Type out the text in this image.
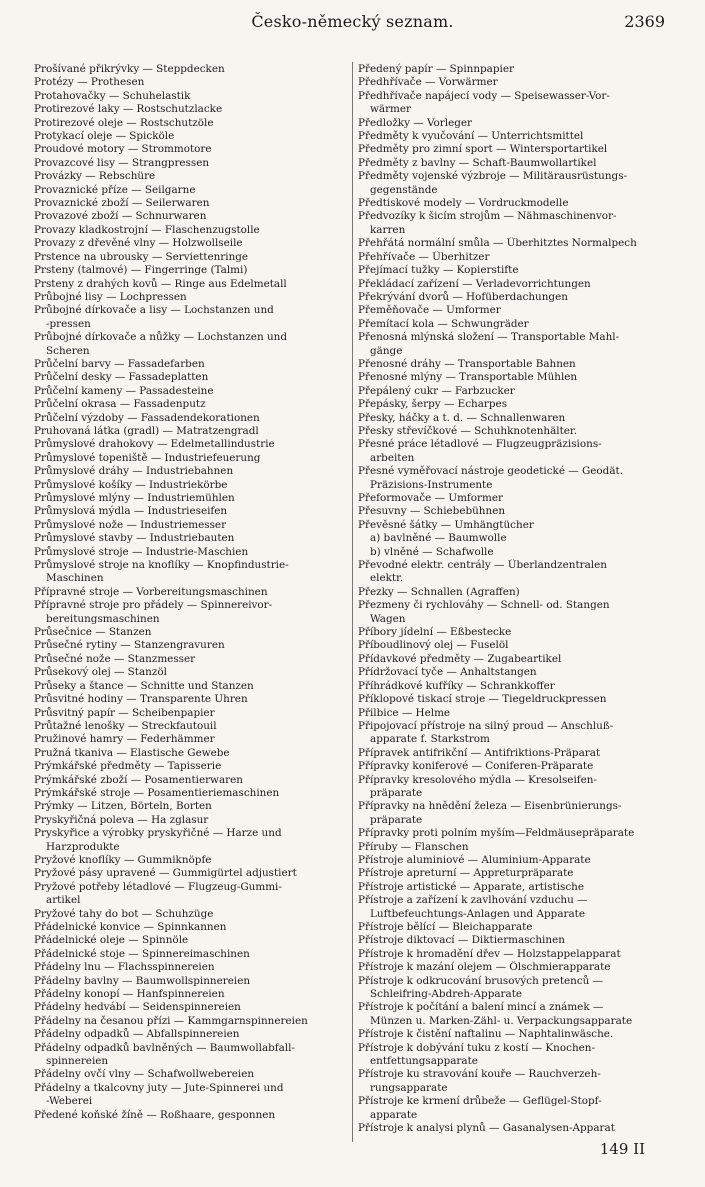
Česko-německý seznam.	2369
Prošívané přikrývky — Steppdecken
Protézy — Prothesen
Protahovačky — Schuhelastik
Protirezové laky — Rostschutzlacke
Protirezové oleje — Rostschutzöle
Protykací oleje — Spicköle
Proudové motory — Strommotore
Provazcové lisy — Strangpressen
Provázky — Rebschüre
Provaznické příze — Seilgarne
Provaznické zboží — Seilerwaren
Provazové zboží — Schnurwaren
Provazy kladkostrojní — Flaschenzugstolle
Provazy z dřevěné vlny — Holzwollseile
Prstence na ubrousky — Serviettenringe
Prsteny (talmové) — Fingerringe (Talmi)
Prsteny z drahých kovů — Ringe aus Edelmetall
Průbojné lisy — Lochpressen
Průbojné dírkovače a lisy — Lochstanzen und
-pressen
Průbojné dírkovače a nůžky — Lochstanzen und
Scheren
Průčelní barvy — Fassadefarben
Průčelní desky — Fassadeplatten
Průčelní kameny — Passadesteine
Průčelní okrasa — Fassadenputz
Průčelní výzdoby — Fassadendekorationen
Pruhovaná látka (gradl) — Matratzengradl
Průmyslové drahokovy — Edelmetallindustrie
Průmyslové topeniště — Industriefeuerung
Průmyslové dráhy — Industriebahnen
Průmyslové košíky — Industriekörbe
Průmyslové mlýny — Industriemühlen
Průmyslová mýdla — Industrieseifen
Průmyslové nože — Industriemesser
Průmyslové stavby — Industriebauten
Průmyslové stroje — Industrie-Maschien
Průmyslové stroje na knoflíky — Knopfindustrie-
Maschinen
Přípravné stroje — Vorbereitungsmaschinen
Přípravné stroje pro přádely — Spinnereivor-
bereitungsmaschinen
Průsečnice — Stanzen
Průsečné rytiny — Stanzengravuren
Průsečné nože — Stanzmesser
Průsekový olej — Stanzöl
Průseky a štance — Schnitte und Stanzen
Průsvitné hodiny — Transparente Uhren
Průsvitný papír — Scheibenpapier
Průtažné lenošky — Streckfautouil
Pružinové hamry — Federhämmer
Pružná tkaniva — Elastische Gewebe
Prýmkářské předměty — Tapisserie
Prýmkářské zboží — Posamentierwaren
Prýmkářské stroje — Posamentieriemaschinen
Prýmky — Litzen, Börteln, Borten
Pryskyřičná poleva — Ha zglasur
Pryskyřice a výrobky pryskyřičné — Harze und
Harzprodukte
Pryžové knoflíky — Gummiknöpfe
Pryžové pásy upravené — Gummigürtel adjustiert
Pryžové potřeby létadlové — Flugzeug-Gummi-
artikel
Pryžové tahy do bot — Schuhzüge
Přádelnické konvice — Spinnkannen
Přádelnické oleje — Spinnöle
Přádelnické stoje — Spinnereimaschinen
Přádelny lnu — Flachsspinnereien
Přádelny bavlny — Baumwollspinnereien
Přádelny konopí — Hanfspinnereien
Přádelny hedvábí — Seidenspinnereien
Přádelny na česanou přízi — Kammgarnspinnereien
Přádelny odpadků — Abfallspinnereien
Přádelny odpadků bavlněných — Baumwollabfall-
spinnereien
Přádelny ovčí vlny — Schafwollwebereien
Přádelny a tkalcovny juty — Jute-Spinnerei und
-Weberei
Předené koňské žíně — Roßhaare, gesponnen
Předený papír — Spinnpapier
Předhřívače — Vorwärmer
Předhřívače napájecí vody — Speisewasser-Vor-
wärmer
Předložky — Vorleger
Předměty k vyučování — Unterrichtsmittel
Předměty pro zimní sport — Wintersportartikel
Předměty z bavlny — Schaft-Baumwollartikel
Předměty vojenské výzbroje — Militärausrüstungs-
gegenstände
Předtiskové modely — Vordruckmodelle
Předvozíky k šicím strojům — Nähmaschinenvor-
karren
Přehřátá normální smůla — Überhitztes Normalpech
Přehřívače — Überhitzer
Přejímací tužky — Kopierstifte
Překládací zařízení — Verladevorrichtungen
Překrývání dvorů — Hofüberdachungen
Přeměňovače — Umformer
Přemítací kola — Schwungräder
Přenosná mlýnská složení — Transportable Mahl-
gänge
Přenosné dráhy — Transportable Bahnen
Přenosné mlýny — Transportable Mühlen
Přepálený cukr — Farbzucker
Přepásky, šerpy — Echarpes
Přesky, háčky a t. d. — Schnallenwaren
Přesky střevíčkové — Schuhknotenhälter.
Přesné práce létadlové — Flugzeugpräzisions-
arbeiten
Přesné vyměřovací nástroje geodetické — Geodät.
Präzisions-Instrumente
Přeformovače — Umformer
Přesuvny — Schiebebühnen
Převěsné šátky — Umhängtücher
a) bavlněné — Baumwolle
b) vlněné — Schafwolle
Převodné elektr. centrály — Überlandzentralen
elektr.
Přezky — Schnallen (Agraffen)
Přezmeny či rychlováhy — Schnell- od. Stangen
Wagen
Příbory jídelní — Eßbestecke
Příboudlinový olej — Fuselöl
Přídavkové předměty — Zugabeartikel
Přídržovací tyče — Anhaltstangen
Příhrádkové kufříky — Schrankkoffer
Příklopové tiskací stroje — Tiegeldruckpressen
Přilbice — Helme
Připojovací přístroje na silný proud — Anschluß-
apparate f. Starkstrom
Přípravek antifrikční — Antifriktions-Präparat
Přípravky koniferové — Coniferen-Präparate
Přípravky kresolového mýdla — Kresolseifen-
präparate
Přípravky na hnědění železa — Eisenbrünierungs-
präparate
Přípravky proti polním myším—Feldmäusepräparate
Příruby — Flanschen
Přístroje aluminiové — Aluminium-Apparate
Přístroje apreturní — Appreturpräparate
Přístroje artistické — Apparate, artistische
Přístroje a zařízení k zavlhování vzduchu —
Luftbefeuchtungs-Anlagen und Apparate
Přístroje bělící — Bleichapparate
Přístroje diktovací — Diktiermaschinen
Přístroje k hromadění dřev — Holzstappelapparat
Přístroje k mazání olejem — Ölschmierapparate
Přístroje k odkrucování brusových pretenců —
Schleifring-Abdreh-Apparate
Přístroje k počítání a balení mincí a známek —
Münzen u. Marken-Zähl- u. Verpackungsapparate
Přístroje k čistění naftalinu — Naphtalinwäsche.
Přístroje k dobývání tuku z kostí — Knochen-
entfettungsapparate
Přístroje ku stravování kouře — Rauchverzeh-
rungsapparate
Přístroje ke krmení drůbeže — Geflügel-Stopf-
apparate
Přístroje k analysi plynů — Gasanalysen-Apparat
149 II
